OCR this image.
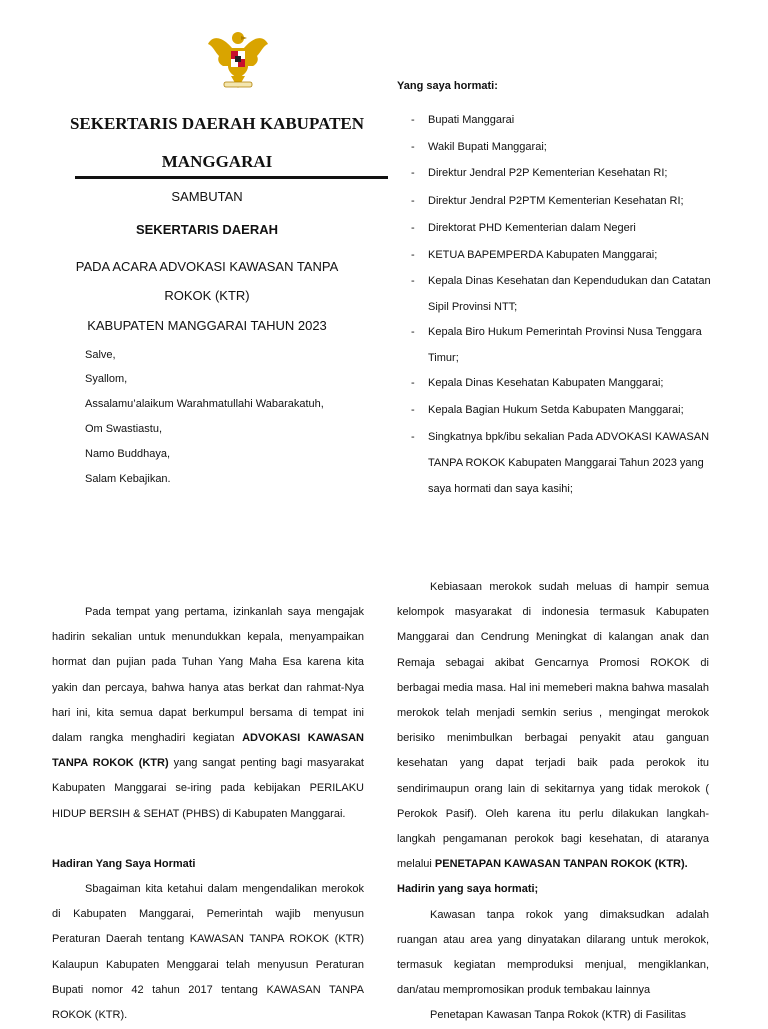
SEKERTARIS DAERAH KABUPATEN
MANGGARAI
SAMBUTAN
SEKERTARIS DAERAH
PADA ACARA ADVOKASI KAWASAN TANPA
ROKOK (KTR)
KABUPATEN MANGGARAI TAHUN 2023
Salve,
Syallom,
Assalamu’alaikum Warahmatullahi Wabarakatuh,
Om Swastiastu,
Namo Buddhaya,
Salam Kebajikan.
Yang saya hormati:
- Bupati Manggarai
- Wakil Bupati Manggarai;
- Direktur Jendral P2P Kementerian Kesehatan RI;
- Direktur Jendral P2PTM Kementerian Kesehatan RI;
- Direktorat PHD Kementerian dalam Negeri
- KETUA BAPEMPERDA Kabupaten Manggarai;
- Kepala Dinas Kesehatan dan Kependudukan dan Catatan Sipil Provinsi NTT;
- Kepala Biro Hukum Pemerintah Provinsi Nusa Tenggara Timur;
- Kepala Dinas Kesehatan Kabupaten Manggarai;
- Kepala Bagian Hukum Setda Kabupaten Manggarai;
- Singkatnya bpk/ibu sekalian Pada ADVOKASI KAWASAN TANPA ROKOK Kabupaten Manggarai Tahun 2023 yang saya hormati dan saya kasihi;

Pada tempat yang pertama, izinkanlah saya mengajak hadirin sekalian untuk menundukkan kepala, menyampaikan hormat dan pujian pada Tuhan Yang Maha Esa karena kita yakin dan percaya, bahwa hanya atas berkat dan rahmat-Nya hari ini, kita semua dapat berkumpul bersama di tempat ini dalam rangka menghadiri kegiatan ADVOKASI KAWASAN TANPA ROKOK (KTR) yang sangat penting bagi masyarakat Kabupaten Manggarai se-iring pada kebijakan PERILAKU HIDUP BERSIH & SEHAT (PHBS) di Kabupaten Manggarai.

Hadiran Yang Saya Hormati

Sbagaiman kita ketahui dalam mengendalikan merokok di Kabupaten Manggarai, Pemerintah wajib menyusun Peraturan Daerah tentang KAWASAN TANPA ROKOK (KTR) Kalaupun Kabupaten Menggarai telah menyusun Peraturan Bupati nomor 42 tahun 2017 tentang KAWASAN TANPA ROKOK (KTR).

Kebiasaan merokok sudah meluas di hampir semua kelompok masyarakat di indonesia termasuk Kabupaten Manggarai dan Cendrung Meningkat di kalangan anak dan Remaja sebagai akibat Gencarnya Promosi ROKOK di berbagai media masa. Hal ini memeberi makna bahwa masalah merokok telah menjadi semkin serius , mengingat merokok berisiko menimbulkan berbagai penyakit atau ganguan kesehatan yang dapat terjadi baik pada perokok itu sendirimaupun orang lain di sekitarnya yang tidak merokok ( Perokok Pasif). Oleh karena itu perlu dilakukan langkah-langkah pengamanan perokok bagi kesehatan, di ataranya melalui PENETAPAN KAWASAN TANPAN ROKOK (KTR).

Hadirin yang saya hormati;

Kawasan tanpa rokok yang dimaksudkan adalah ruangan atau area yang dinyatakan dilarang untuk merokok, termasuk kegiatan memproduksi menjual, mengiklankan, dan/atau mempromosikan produk tembakau lainnya

Penetapan Kawasan Tanpa Rokok (KTR) di Fasilitas
